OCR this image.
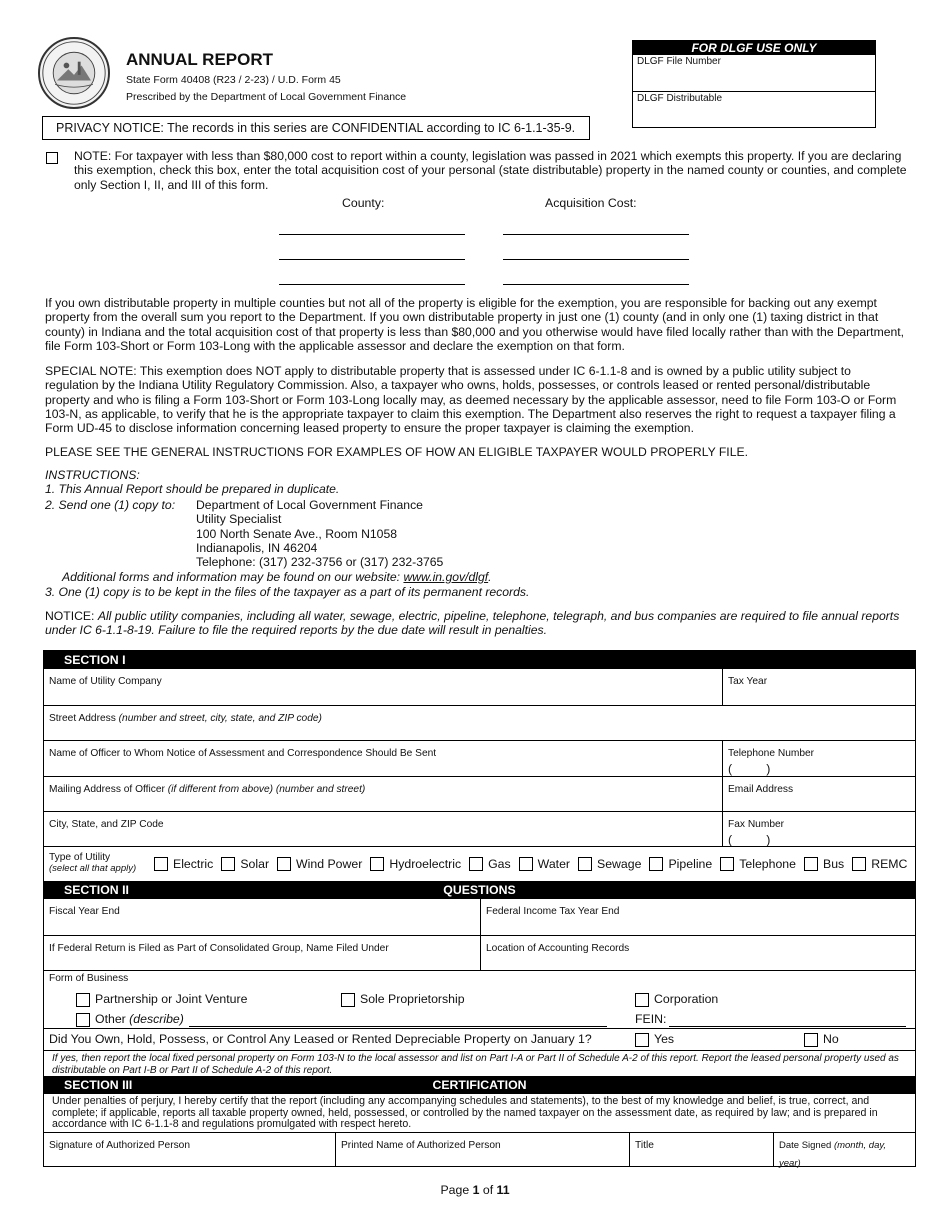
ANNUAL REPORT
State Form 40408 (R23 / 2-23) / U.D. Form 45
Prescribed by the Department of Local Government Finance
FOR DLGF USE ONLY
DLGF File Number
DLGF Distributable
PRIVACY NOTICE: The records in this series are CONFIDENTIAL according to IC 6-1.1-35-9.
NOTE: For taxpayer with less than $80,000 cost to report within a county, legislation was passed in 2021 which exempts this property. If you are declaring this exemption, check this box, enter the total acquisition cost of your personal (state distributable) property in the named county or counties, and complete only Section I, II, and III of this form.
County:	Acquisition Cost:
If you own distributable property in multiple counties but not all of the property is eligible for the exemption, you are responsible for backing out any exempt property from the overall sum you report to the Department. If you own distributable property in just one (1) county (and in only one (1) taxing district in that county) in Indiana and the total acquisition cost of that property is less than $80,000 and you otherwise would have filed locally rather than with the Department, file Form 103-Short or Form 103-Long with the applicable assessor and declare the exemption on that form.
SPECIAL NOTE: This exemption does NOT apply to distributable property that is assessed under IC 6-1.1-8 and is owned by a public utility subject to regulation by the Indiana Utility Regulatory Commission. Also, a taxpayer who owns, holds, possesses, or controls leased or rented personal/distributable property and who is filing a Form 103-Short or Form 103-Long locally may, as deemed necessary by the applicable assessor, need to file Form 103-O or Form 103-N, as applicable, to verify that he is the appropriate taxpayer to claim this exemption. The Department also reserves the right to request a taxpayer filing a Form UD-45 to disclose information concerning leased property to ensure the proper taxpayer is claiming the exemption.
PLEASE SEE THE GENERAL INSTRUCTIONS FOR EXAMPLES OF HOW AN ELIGIBLE TAXPAYER WOULD PROPERLY FILE.
INSTRUCTIONS:
1. This Annual Report should be prepared in duplicate.
2. Send one (1) copy to: Department of Local Government Finance
Utility Specialist
100 North Senate Ave., Room N1058
Indianapolis, IN 46204
Telephone: (317) 232-3756 or (317) 232-3765
Additional forms and information may be found on our website: www.in.gov/dlgf.
3. One (1) copy is to be kept in the files of the taxpayer as a part of its permanent records.
NOTICE: All public utility companies, including all water, sewage, electric, pipeline, telephone, telegraph, and bus companies are required to file annual reports under IC 6-1.1-8-19. Failure to file the required reports by the due date will result in penalties.
SECTION I
Name of Utility Company	Tax Year
Street Address (number and street, city, state, and ZIP code)
Name of Officer to Whom Notice of Assessment and Correspondence Should Be Sent	Telephone Number
(          )
Mailing Address of Officer (if different from above) (number and street)	Email Address
City, State, and ZIP Code	Fax Number
(          )
Type of Utility
(select all that apply)	Electric Solar Wind Power Hydroelectric Gas Water Sewage Pipeline Telephone Bus REMC
SECTION II	QUESTIONS
Fiscal Year End	Federal Income Tax Year End
If Federal Return is Filed as Part of Consolidated Group, Name Filed Under	Location of Accounting Records
Form of Business
Partnership or Joint Venture	Sole Proprietorship	Corporation
Other (describe)	FEIN:
Did You Own, Hold, Possess, or Control Any Leased or Rented Depreciable Property on January 1?	Yes	No
If yes, then report the local fixed personal property on Form 103-N to the local assessor and list on Part I-A or Part II of Schedule A-2 of this report. Report the leased personal property used as distributable on Part I-B or Part II of Schedule A-2 of this report.
SECTION III	CERTIFICATION
Under penalties of perjury, I hereby certify that the report (including any accompanying schedules and statements), to the best of my knowledge and belief, is true, correct, and complete; if applicable, reports all taxable property owned, held, possessed, or controlled by the named taxpayer on the assessment date, as required by law; and is prepared in accordance with IC 6-1.1-8 and regulations promulgated with respect hereto.
Signature of Authorized Person	Printed Name of Authorized Person	Title	Date Signed (month, day, year)
Page 1 of 11
